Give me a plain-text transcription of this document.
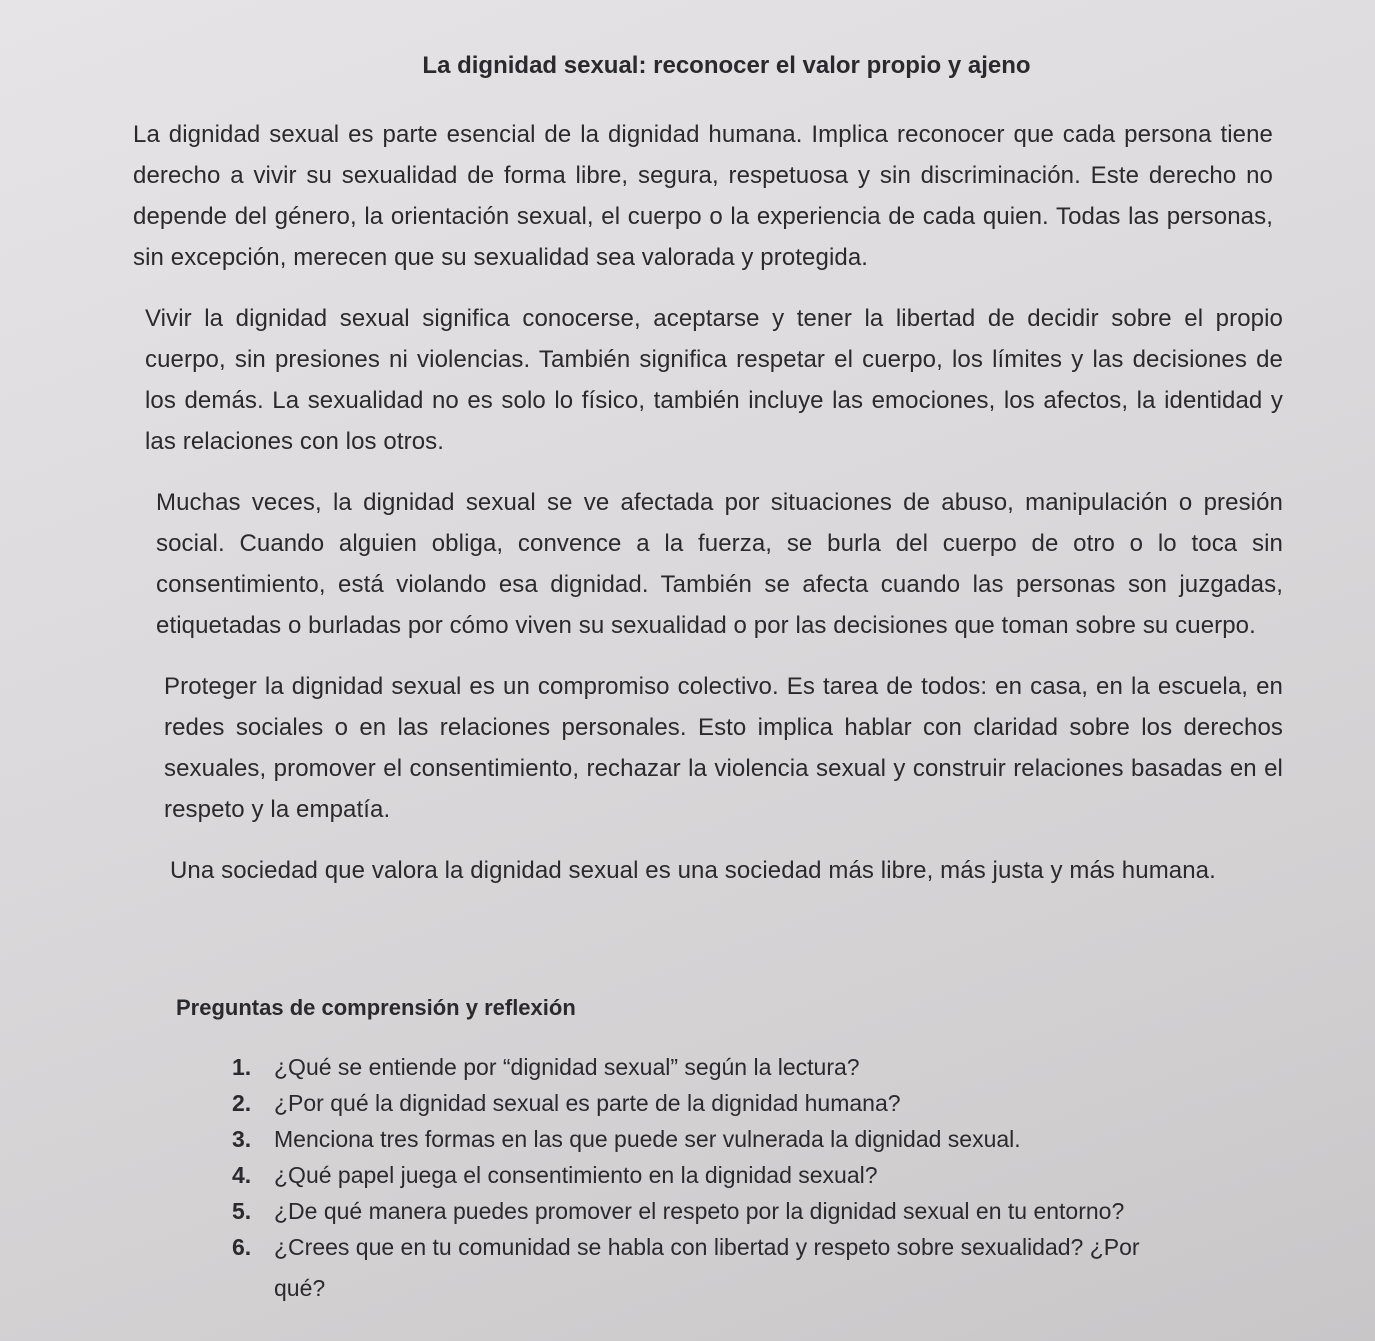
La dignidad sexual: reconocer el valor propio y ajeno

La dignidad sexual es parte esencial de la dignidad humana. Implica reconocer que cada persona tiene derecho a vivir su sexualidad de forma libre, segura, respetuosa y sin discriminación. Este derecho no depende del género, la orientación sexual, el cuerpo o la experiencia de cada quien. Todas las personas, sin excepción, merecen que su sexualidad sea valorada y protegida.

Vivir la dignidad sexual significa conocerse, aceptarse y tener la libertad de decidir sobre el propio cuerpo, sin presiones ni violencias. También significa respetar el cuerpo, los límites y las decisiones de los demás. La sexualidad no es solo lo físico, también incluye las emociones, los afectos, la identidad y las relaciones con los otros.

Muchas veces, la dignidad sexual se ve afectada por situaciones de abuso, manipulación o presión social. Cuando alguien obliga, convence a la fuerza, se burla del cuerpo de otro o lo toca sin consentimiento, está violando esa dignidad. También se afecta cuando las personas son juzgadas, etiquetadas o burladas por cómo viven su sexualidad o por las decisiones que toman sobre su cuerpo.

Proteger la dignidad sexual es un compromiso colectivo. Es tarea de todos: en casa, en la escuela, en redes sociales o en las relaciones personales. Esto implica hablar con claridad sobre los derechos sexuales, promover el consentimiento, rechazar la violencia sexual y construir relaciones basadas en el respeto y la empatía.

Una sociedad que valora la dignidad sexual es una sociedad más libre, más justa y más humana.

Preguntas de comprensión y reflexión
1. ¿Qué se entiende por “dignidad sexual” según la lectura?
2. ¿Por qué la dignidad sexual es parte de la dignidad humana?
3. Menciona tres formas en las que puede ser vulnerada la dignidad sexual.
4. ¿Qué papel juega el consentimiento en la dignidad sexual?
5. ¿De qué manera puedes promover el respeto por la dignidad sexual en tu entorno?
6. ¿Crees que en tu comunidad se habla con libertad y respeto sobre sexualidad? ¿Por
qué?
